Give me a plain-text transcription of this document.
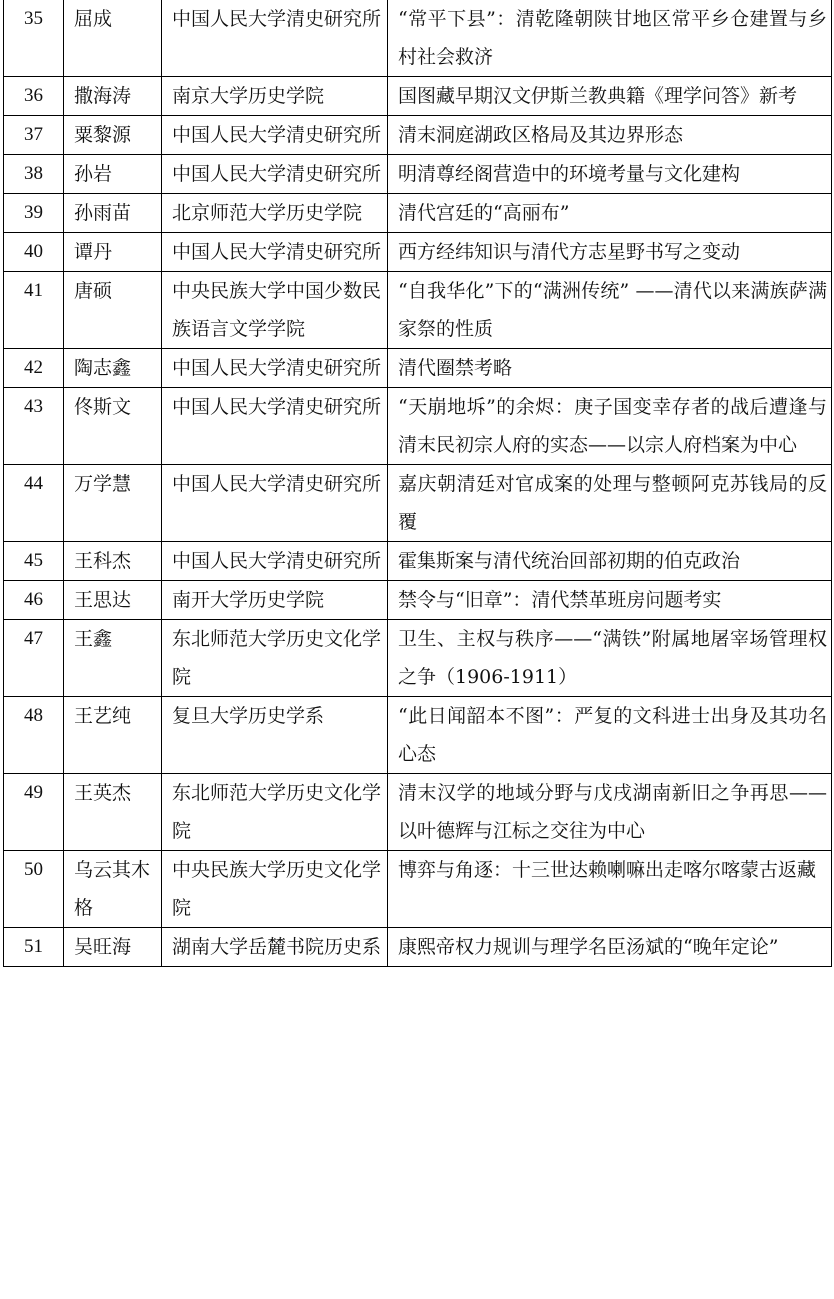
35	屈成	中国人民大学清史研究所	“常平下县”：清乾隆朝陕甘地区常平乡仓建置与乡村社会救济
36	撒海涛	南京大学历史学院	国图藏早期汉文伊斯兰教典籍《理学问答》新考
37	粟黎源	中国人民大学清史研究所	清末洞庭湖政区格局及其边界形态
38	孙岩	中国人民大学清史研究所	明清尊经阁营造中的环境考量与文化建构
39	孙雨苗	北京师范大学历史学院	清代宫廷的“高丽布”
40	谭丹	中国人民大学清史研究所	西方经纬知识与清代方志星野书写之变动
41	唐硕	中央民族大学中国少数民族语言文学学院	“自我华化”下的“满洲传统” ——清代以来满族萨满家祭的性质
42	陶志鑫	中国人民大学清史研究所	清代圈禁考略
43	佟斯文	中国人民大学清史研究所	“天崩地坼”的余烬：庚子国变幸存者的战后遭逢与清末民初宗人府的实态——以宗人府档案为中心
44	万学慧	中国人民大学清史研究所	嘉庆朝清廷对官成案的处理与整顿阿克苏钱局的反覆
45	王科杰	中国人民大学清史研究所	霍集斯案与清代统治回部初期的伯克政治
46	王思达	南开大学历史学院	禁令与“旧章”：清代禁革班房问题考实
47	王鑫	东北师范大学历史文化学院	卫生、主权与秩序——“满铁”附属地屠宰场管理权之争（1906-1911）
48	王艺纯	复旦大学历史学系	“此日闻韶本不图”：严复的文科进士出身及其功名心态
49	王英杰	东北师范大学历史文化学院	清末汉学的地域分野与戊戌湖南新旧之争再思——以叶德辉与江标之交往为中心
50	乌云其木格	中央民族大学历史文化学院	博弈与角逐：十三世达赖喇嘛出走喀尔喀蒙古返藏
51	吴旺海	湖南大学岳麓书院历史系	康熙帝权力规训与理学名臣汤斌的“晚年定论”
